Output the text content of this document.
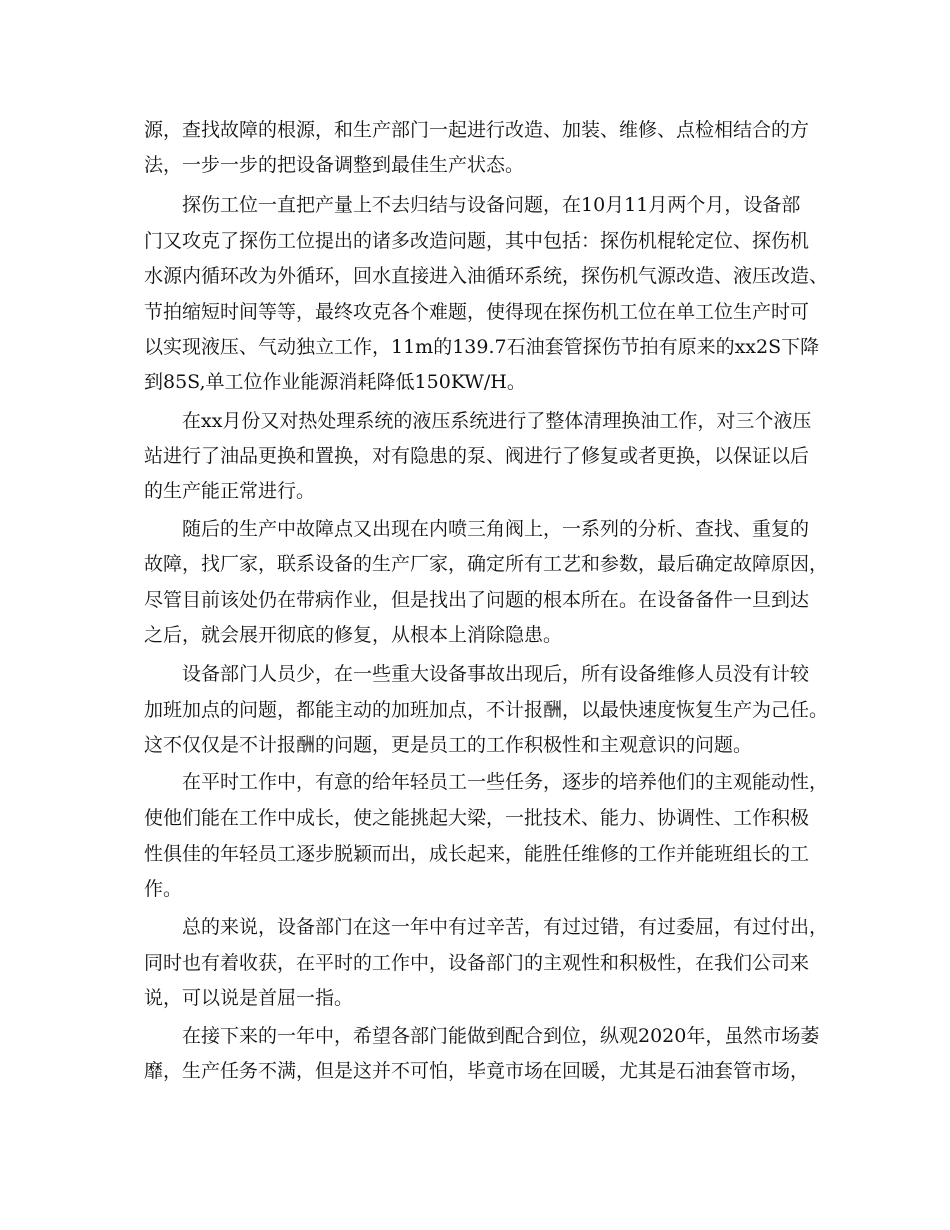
源，查找故障的根源，和生产部门一起进行改造、加装、维修、点检相结合的方

法，一步一步的把设备调整到最佳生产状态。

探伤工位一直把产量上不去归结与设备问题，在10月11月两个月，设备部

门又攻克了探伤工位提出的诸多改造问题，其中包括：探伤机棍轮定位、探伤机

水源内循环改为外循环，回水直接进入油循环系统，探伤机气源改造、液压改造、

节拍缩短时间等等，最终攻克各个难题，使得现在探伤机工位在单工位生产时可

以实现液压、气动独立工作，11m的139.7石油套管探伤节拍有原来的xx2S下降

到85S,单工位作业能源消耗降低150KW/H。

在xx月份又对热处理系统的液压系统进行了整体清理换油工作，对三个液压

站进行了油品更换和置换，对有隐患的泵、阀进行了修复或者更换，以保证以后

的生产能正常进行。

随后的生产中故障点又出现在内喷三角阀上，一系列的分析、查找、重复的

故障，找厂家，联系设备的生产厂家，确定所有工艺和参数，最后确定故障原因，

尽管目前该处仍在带病作业，但是找出了问题的根本所在。在设备备件一旦到达

之后，就会展开彻底的修复，从根本上消除隐患。

设备部门人员少，在一些重大设备事故出现后，所有设备维修人员没有计较

加班加点的问题，都能主动的加班加点，不计报酬，以最快速度恢复生产为己任。

这不仅仅是不计报酬的问题，更是员工的工作积极性和主观意识的问题。

在平时工作中，有意的给年轻员工一些任务，逐步的培养他们的主观能动性，

使他们能在工作中成长，使之能挑起大梁，一批技术、能力、协调性、工作积极

性俱佳的年轻员工逐步脱颖而出，成长起来，能胜任维修的工作并能班组长的工

作。

总的来说，设备部门在这一年中有过辛苦，有过过错，有过委屈，有过付出，

同时也有着收获，在平时的工作中，设备部门的主观性和积极性，在我们公司来

说，可以说是首屈一指。

在接下来的一年中，希望各部门能做到配合到位，纵观2020年，虽然市场萎

靡，生产任务不满，但是这并不可怕，毕竟市场在回暖，尤其是石油套管市场，
